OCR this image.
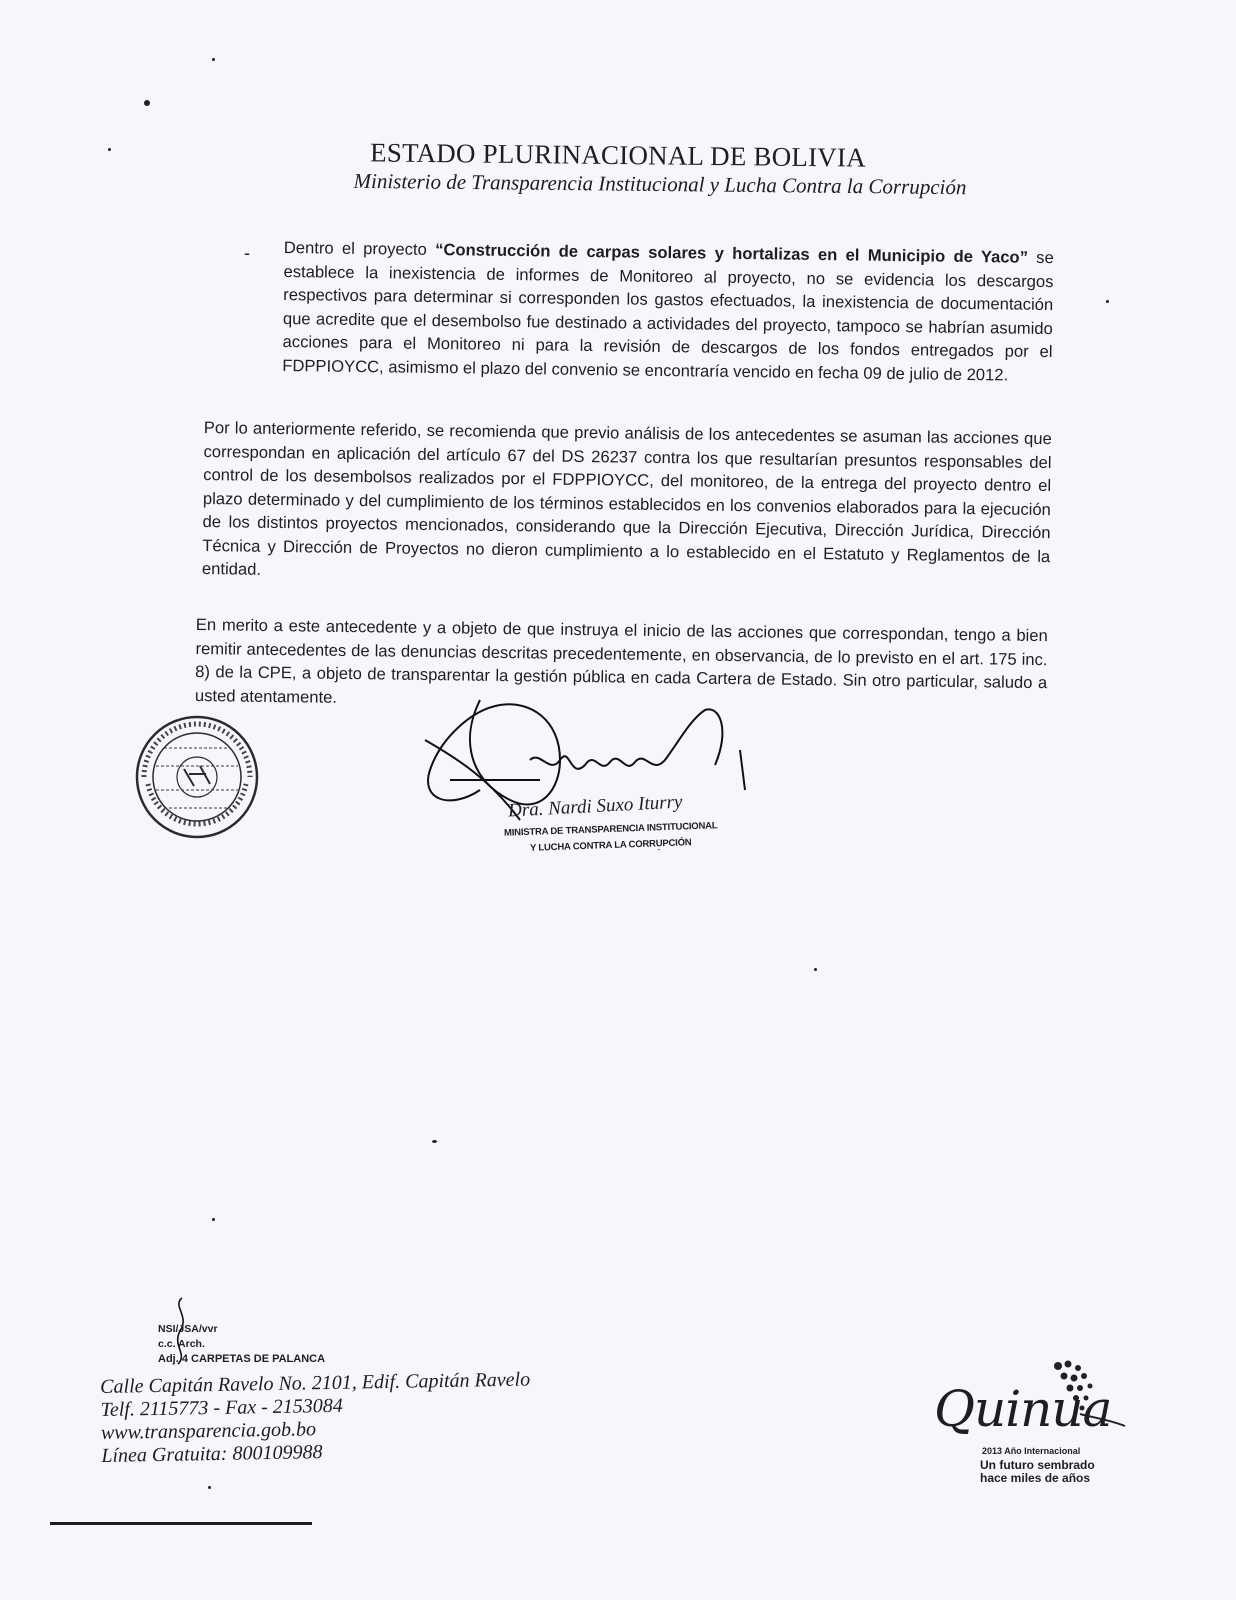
ESTADO PLURINACIONAL DE BOLIVIA
Ministerio de Transparencia Institucional y Lucha Contra la Corrupción
- Dentro el proyecto “Construcción de carpas solares y hortalizas en el Municipio de Yaco” se establece la inexistencia de informes de Monitoreo al proyecto, no se evidencia los descargos respectivos para determinar si corresponden los gastos efectuados, la inexistencia de documentación que acredite que el desembolso fue destinado a actividades del proyecto, tampoco se habrían asumido acciones para el Monitoreo ni para la revisión de descargos de los fondos entregados por el FDPPIOYCC, asimismo el plazo del convenio se encontraría vencido en fecha 09 de julio de 2012.
Por lo anteriormente referido, se recomienda que previo análisis de los antecedentes se asuman las acciones que correspondan en aplicación del artículo 67 del DS 26237 contra los que resultarían presuntos responsables del control de los desembolsos realizados por el FDPPIOYCC, del monitoreo, de la entrega del proyecto dentro el plazo determinado y del cumplimiento de los términos establecidos en los convenios elaborados para la ejecución de los distintos proyectos mencionados, considerando que la Dirección Ejecutiva, Dirección Jurídica, Dirección Técnica y Dirección de Proyectos no dieron cumplimiento a lo establecido en el Estatuto y Reglamentos de la entidad.
En merito a este antecedente y a objeto de que instruya el inicio de las acciones que correspondan, tengo a bien remitir antecedentes de las denuncias descritas precedentemente, en observancia, de lo previsto en el art. 175 inc. 8) de la CPE, a objeto de transparentar la gestión pública en cada Cartera de Estado. Sin otro particular, saludo a usted atentamente.
Dra. Nardi Suxo Iturry
MINISTRA DE TRANSPARENCIA INSTITUCIONAL
Y LUCHA CONTRA LA CORRUPCIÓN
NSI/JSA/vvr
c.c. Arch.
Adj. 4 CARPETAS DE PALANCA
Calle Capitán Ravelo No. 2101, Edif. Capitán Ravelo
Telf. 2115773 - Fax - 2153084
www.transparencia.gob.bo
Línea Gratuita: 800109988
Quinua
2013 Año Internacional
Un futuro sembrado
hace miles de años
